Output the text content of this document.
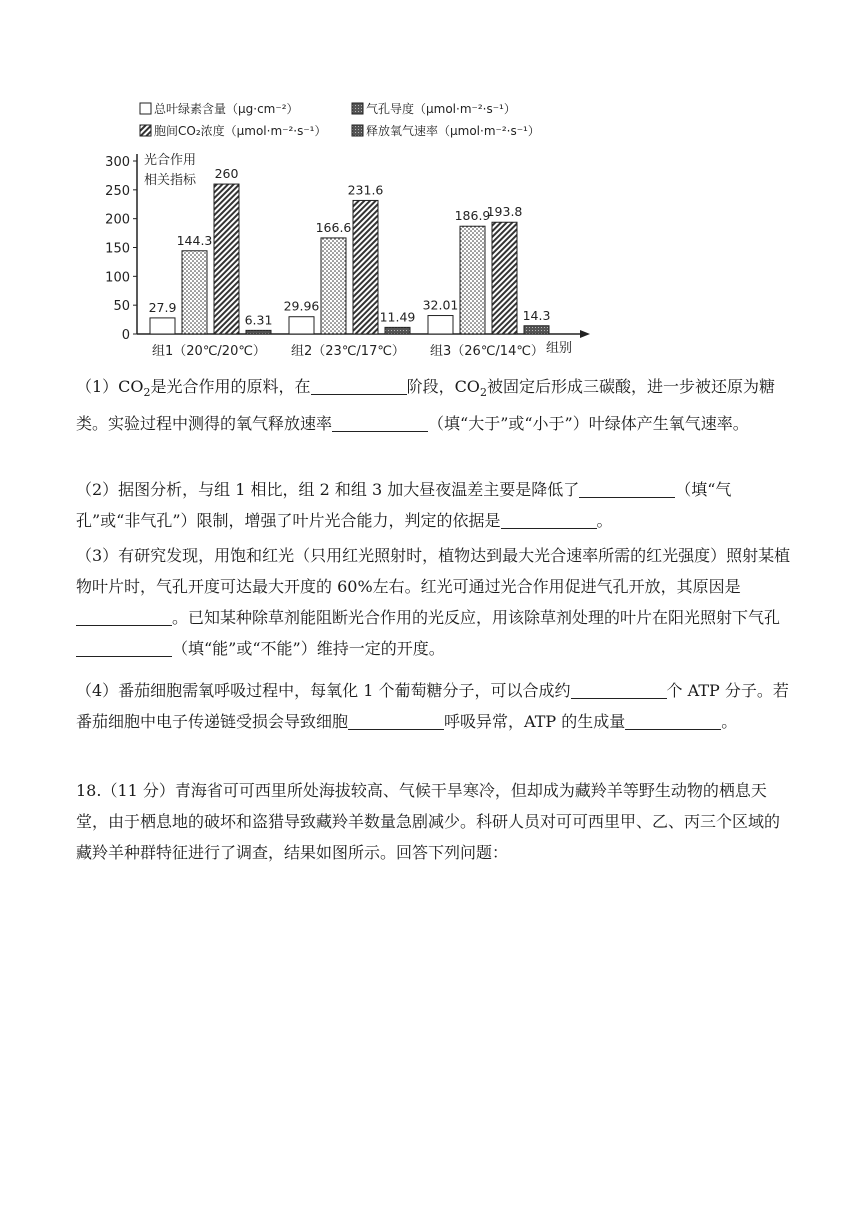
总叶绿素含量（μg·cm⁻²）	气孔导度（μmol·m⁻²·s⁻¹）
胞间CO₂浓度（μmol·m⁻²·s⁻¹）	释放氧气速率（μmol·m⁻²·s⁻¹）
光合作用
相关指标
组别
0
50
100
150
200
250
300
27.9
144.3
260
6.31
29.96
166.6
231.6
11.49
32.01
186.9
193.8
14.3
组1（20℃/20℃） 组2（23℃/17℃） 组3（26℃/14℃）

$(1)CO_2$是光合作用的原料，在	阶段，$CO_2$被固定后形成三碳酸，进一步被还原为糖类。实验过程中测得的氧气释放速率	（填“大于”或“小于”）叶绿体产生氧气速率。

（2）据图分析，与组 1 相比，组 2 和组 3 加大昼夜温差主要是降低了	（填“气孔”或“非气孔”）限制，增强了叶片光合能力，判定的依据是	。

（3）有研究发现，用饱和红光（只用红光照射时，植物达到最大光合速率所需的红光强度）照射某植物叶片时，气孔开度可达最大开度的 60%左右。红光可通过光合作用促进气孔开放，其原因是。已知某种除草剂能阻断光合作用的光反应，用该除草剂处理的叶片在阳光照射下气孔（填“能”或“不能”）维持一定的开度。

（4）番茄细胞需氧呼吸过程中，每氧化 1 个葡萄糖分子，可以合成约	个 ATP 分子。若番茄细胞中电子传递链受损会导致细胞	呼吸异常，ATP 的生成量	。

18.（11 分）青海省可可西里所处海拔较高、气候干旱寒冷，但却成为藏羚羊等野生动物的栖息天堂，由于栖息地的破坏和盗猎导致藏羚羊数量急剧减少。科研人员对可可西里甲、乙、丙三个区域的藏羚羊种群特征进行了调查，结果如图所示。回答下列问题：
